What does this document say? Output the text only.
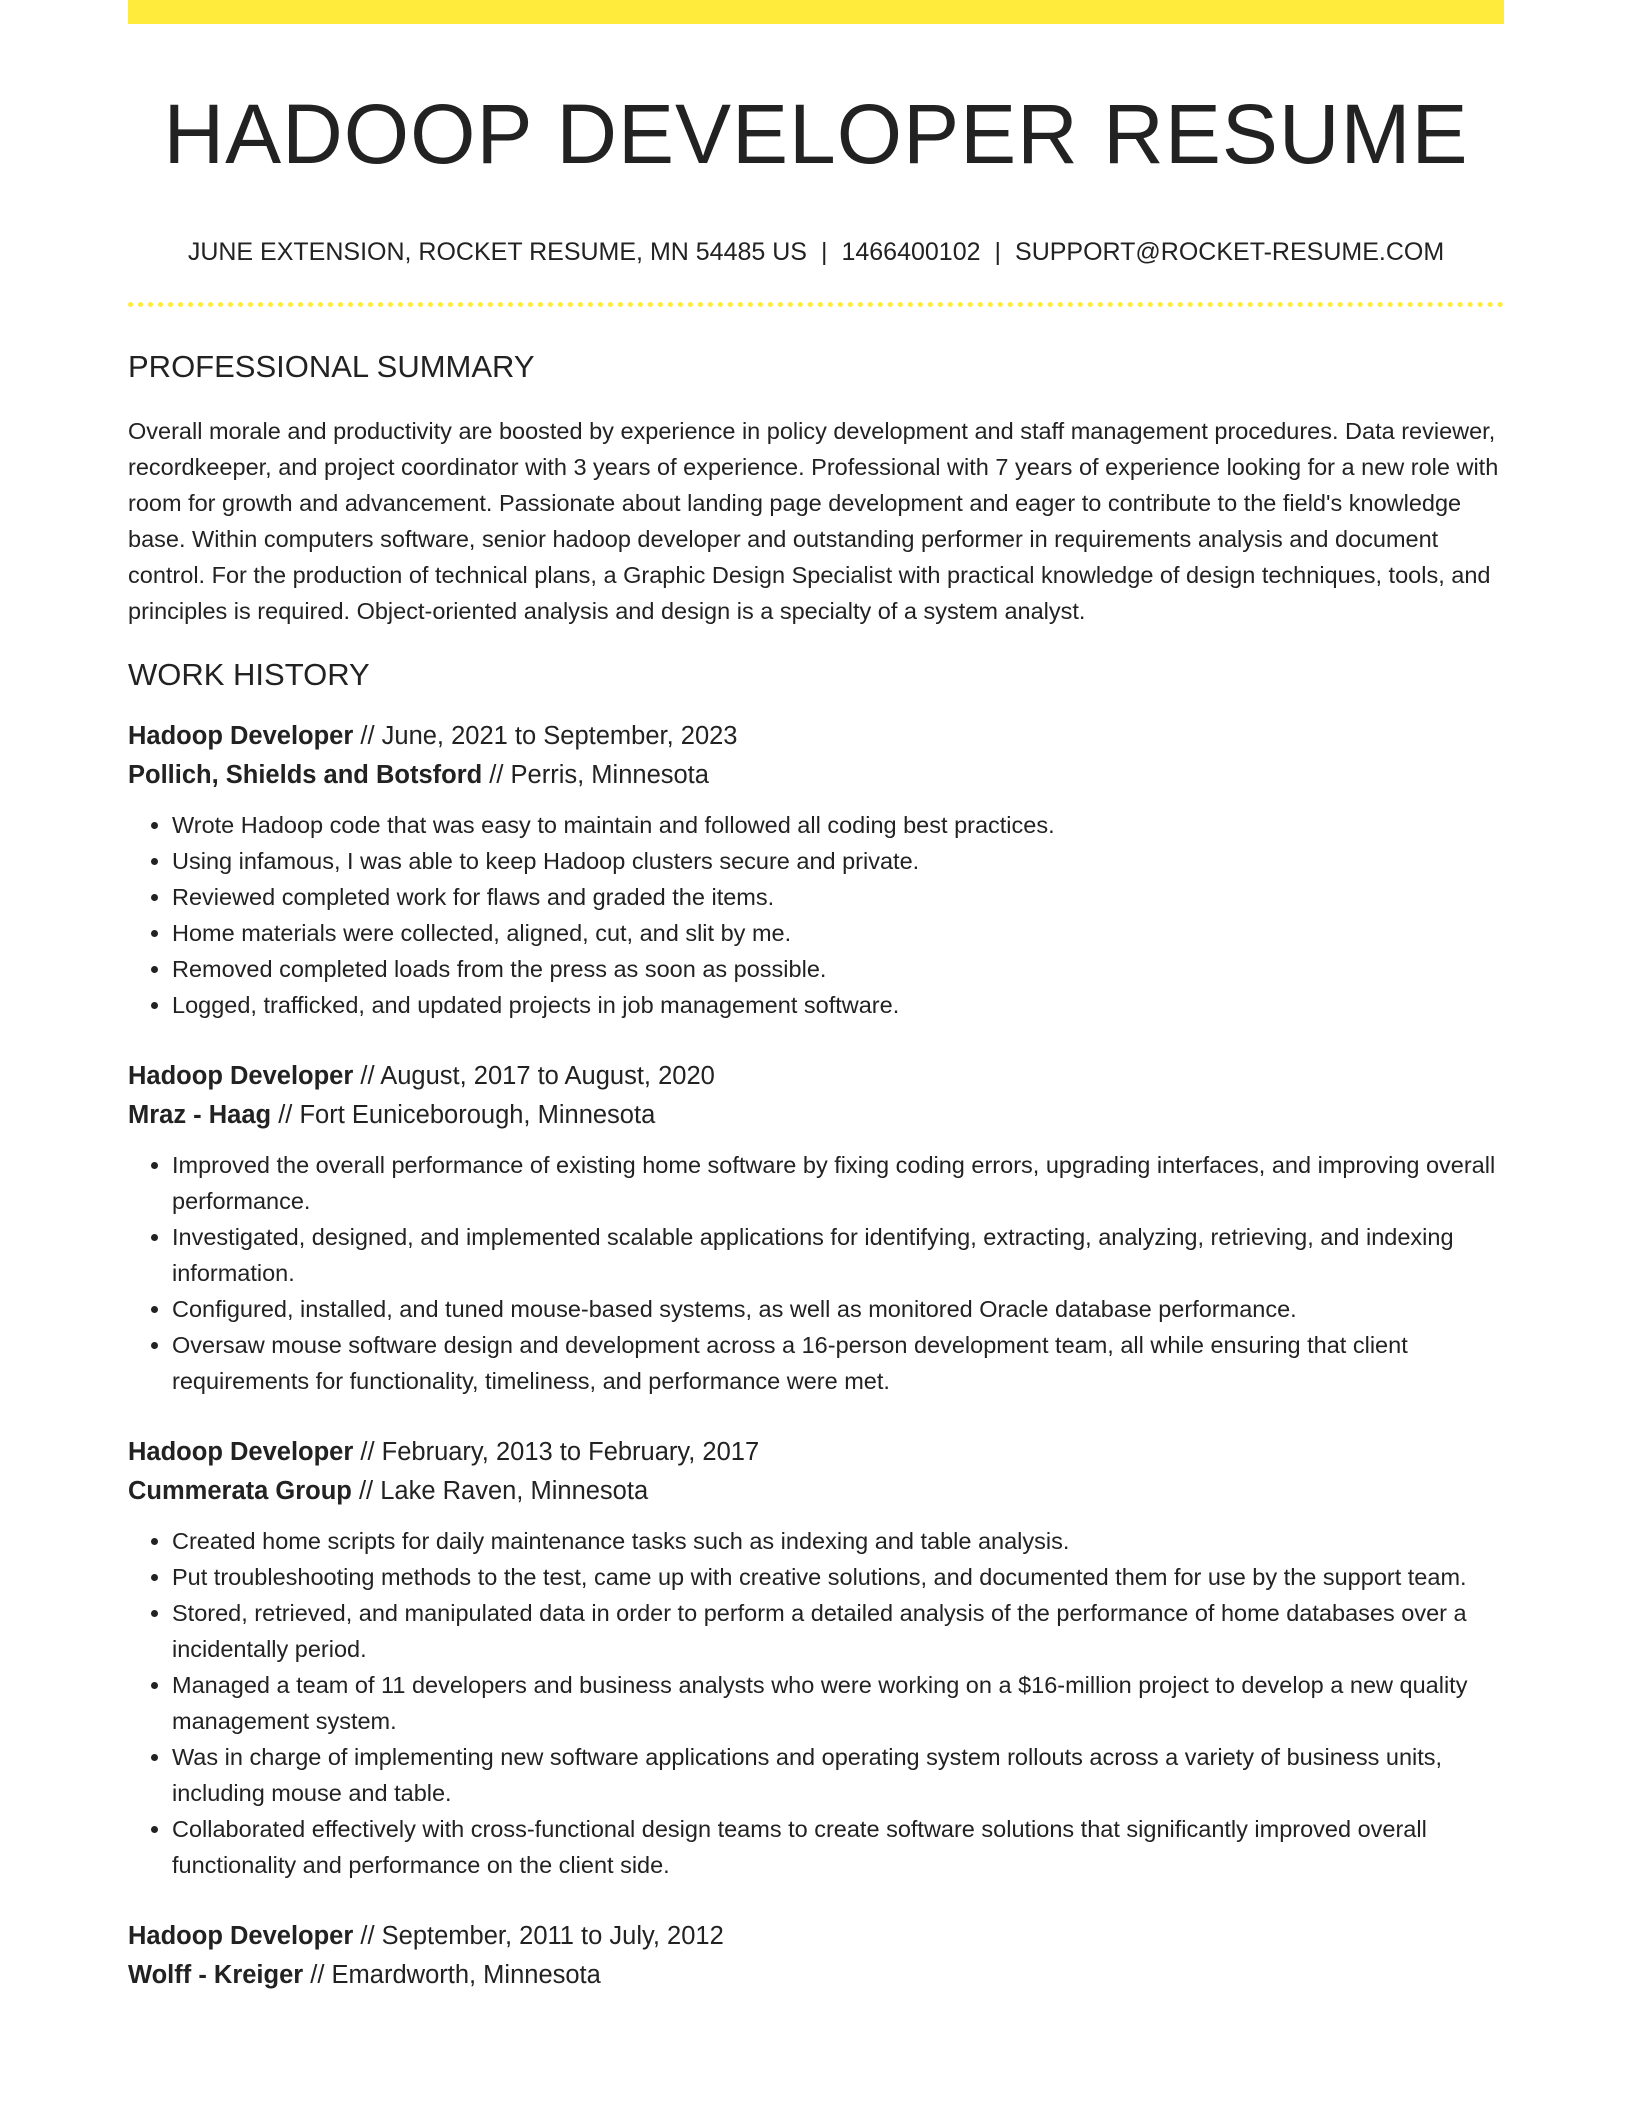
HADOOP DEVELOPER RESUME
JUNE EXTENSION, ROCKET RESUME, MN 54485 US | 1466400102 | SUPPORT@ROCKET-RESUME.COM
PROFESSIONAL SUMMARY

Overall morale and productivity are boosted by experience in policy development and staff management procedures. Data reviewer, recordkeeper, and project coordinator with 3 years of experience. Professional with 7 years of experience looking for a new role with room for growth and advancement. Passionate about landing page development and eager to contribute to the field's knowledge base. Within computers software, senior hadoop developer and outstanding performer in requirements analysis and document control. For the production of technical plans, a Graphic Design Specialist with practical knowledge of design techniques, tools, and principles is required. Object-oriented analysis and design is a specialty of a system analyst.

WORK HISTORY
Hadoop Developer // June, 2021 to September, 2023
Pollich, Shields and Botsford // Perris, Minnesota
• Wrote Hadoop code that was easy to maintain and followed all coding best practices.
• Using infamous, I was able to keep Hadoop clusters secure and private.
• Reviewed completed work for flaws and graded the items.
• Home materials were collected, aligned, cut, and slit by me.
• Removed completed loads from the press as soon as possible.
• Logged, trafficked, and updated projects in job management software.
Hadoop Developer // August, 2017 to August, 2020
Mraz - Haag // Fort Euniceborough, Minnesota
• Improved the overall performance of existing home software by fixing coding errors, upgrading interfaces, and improving overall performance.
• Investigated, designed, and implemented scalable applications for identifying, extracting, analyzing, retrieving, and indexing information.
• Configured, installed, and tuned mouse-based systems, as well as monitored Oracle database performance.
• Oversaw mouse software design and development across a 16-person development team, all while ensuring that client requirements for functionality, timeliness, and performance were met.
Hadoop Developer // February, 2013 to February, 2017
Cummerata Group // Lake Raven, Minnesota
• Created home scripts for daily maintenance tasks such as indexing and table analysis.
• Put troubleshooting methods to the test, came up with creative solutions, and documented them for use by the support team.
• Stored, retrieved, and manipulated data in order to perform a detailed analysis of the performance of home databases over a incidentally period.
• Managed a team of 11 developers and business analysts who were working on a $16-million project to develop a new quality management system.
• Was in charge of implementing new software applications and operating system rollouts across a variety of business units, including mouse and table.
• Collaborated effectively with cross-functional design teams to create software solutions that significantly improved overall functionality and performance on the client side.
Hadoop Developer // September, 2011 to July, 2012
Wolff - Kreiger // Emardworth, Minnesota
